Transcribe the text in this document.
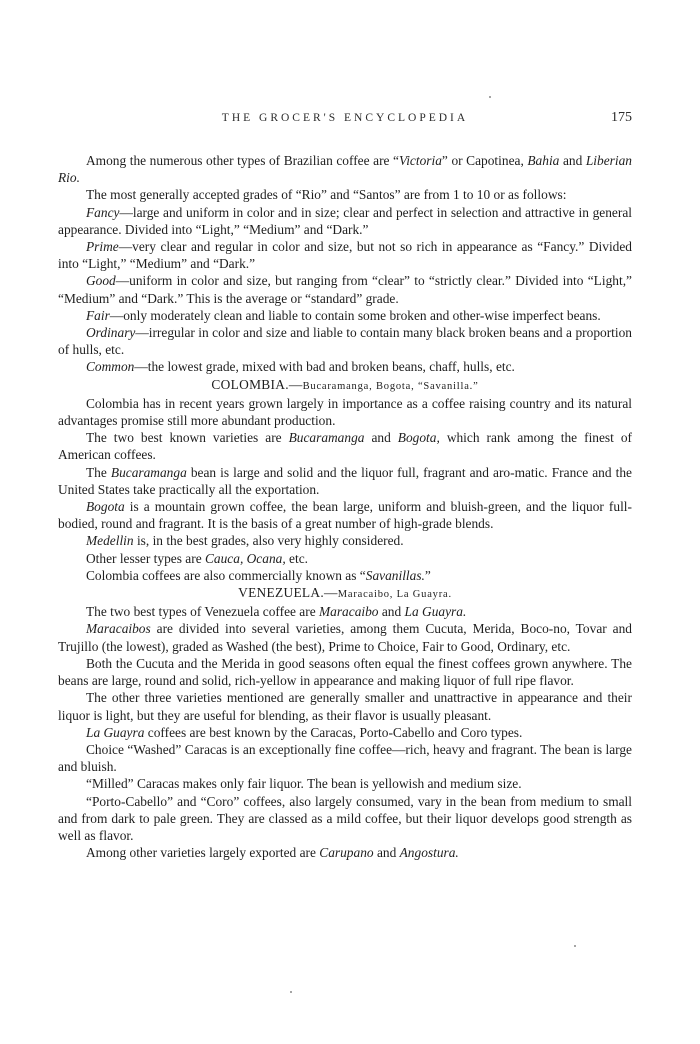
THE GROCER'S ENCYCLOPEDIA	175

Among the numerous other types of Brazilian coffee are “Victoria” or Capotinea, Bahia and Liberian Rio.

The most generally accepted grades of “Rio” and “Santos” are from 1 to 10 or as follows:

Fancy—large and uniform in color and in size; clear and perfect in selection and attractive in general appearance. Divided into “Light,” “Medium” and “Dark.”

Prime—very clear and regular in color and size, but not so rich in appearance as “Fancy.” Divided into “Light,” “Medium” and “Dark.”

Good—uniform in color and size, but ranging from “clear” to “strictly clear.” Divided into “Light,” “Medium” and “Dark.” This is the average or “standard” grade.

Fair—only moderately clean and liable to contain some broken and other-wise imperfect beans.

Ordinary—irregular in color and size and liable to contain many black broken beans and a proportion of hulls, etc.

Common—the lowest grade, mixed with bad and broken beans, chaff, hulls, etc.

COLOMBIA.—Bucaramanga, Bogota, “Savanilla.”

Colombia has in recent years grown largely in importance as a coffee raising country and its natural advantages promise still more abundant production.

The two best known varieties are Bucaramanga and Bogota, which rank among the finest of American coffees.

The Bucaramanga bean is large and solid and the liquor full, fragrant and aro-matic. France and the United States take practically all the exportation.

Bogota is a mountain grown coffee, the bean large, uniform and bluish-green, and the liquor full-bodied, round and fragrant. It is the basis of a great number of high-grade blends.

Medellin is, in the best grades, also very highly considered.

Other lesser types are Cauca, Ocana, etc.

Colombia coffees are also commercially known as “Savanillas.”

VENEZUELA.—Maracaibo, La Guayra.

The two best types of Venezuela coffee are Maracaibo and La Guayra.

Maracaibos are divided into several varieties, among them Cucuta, Merida, Boco-no, Tovar and Trujillo (the lowest), graded as Washed (the best), Prime to Choice, Fair to Good, Ordinary, etc.

Both the Cucuta and the Merida in good seasons often equal the finest coffees grown anywhere. The beans are large, round and solid, rich-yellow in appearance and making liquor of full ripe flavor.

The other three varieties mentioned are generally smaller and unattractive in appearance and their liquor is light, but they are useful for blending, as their flavor is usually pleasant.

La Guayra coffees are best known by the Caracas, Porto-Cabello and Coro types.

Choice “Washed” Caracas is an exceptionally fine coffee—rich, heavy and fragrant. The bean is large and bluish.

“Milled” Caracas makes only fair liquor. The bean is yellowish and medium size.

“Porto-Cabello” and “Coro” coffees, also largely consumed, vary in the bean from medium to small and from dark to pale green. They are classed as a mild coffee, but their liquor develops good strength as well as flavor.

Among other varieties largely exported are Carupano and Angostura.
